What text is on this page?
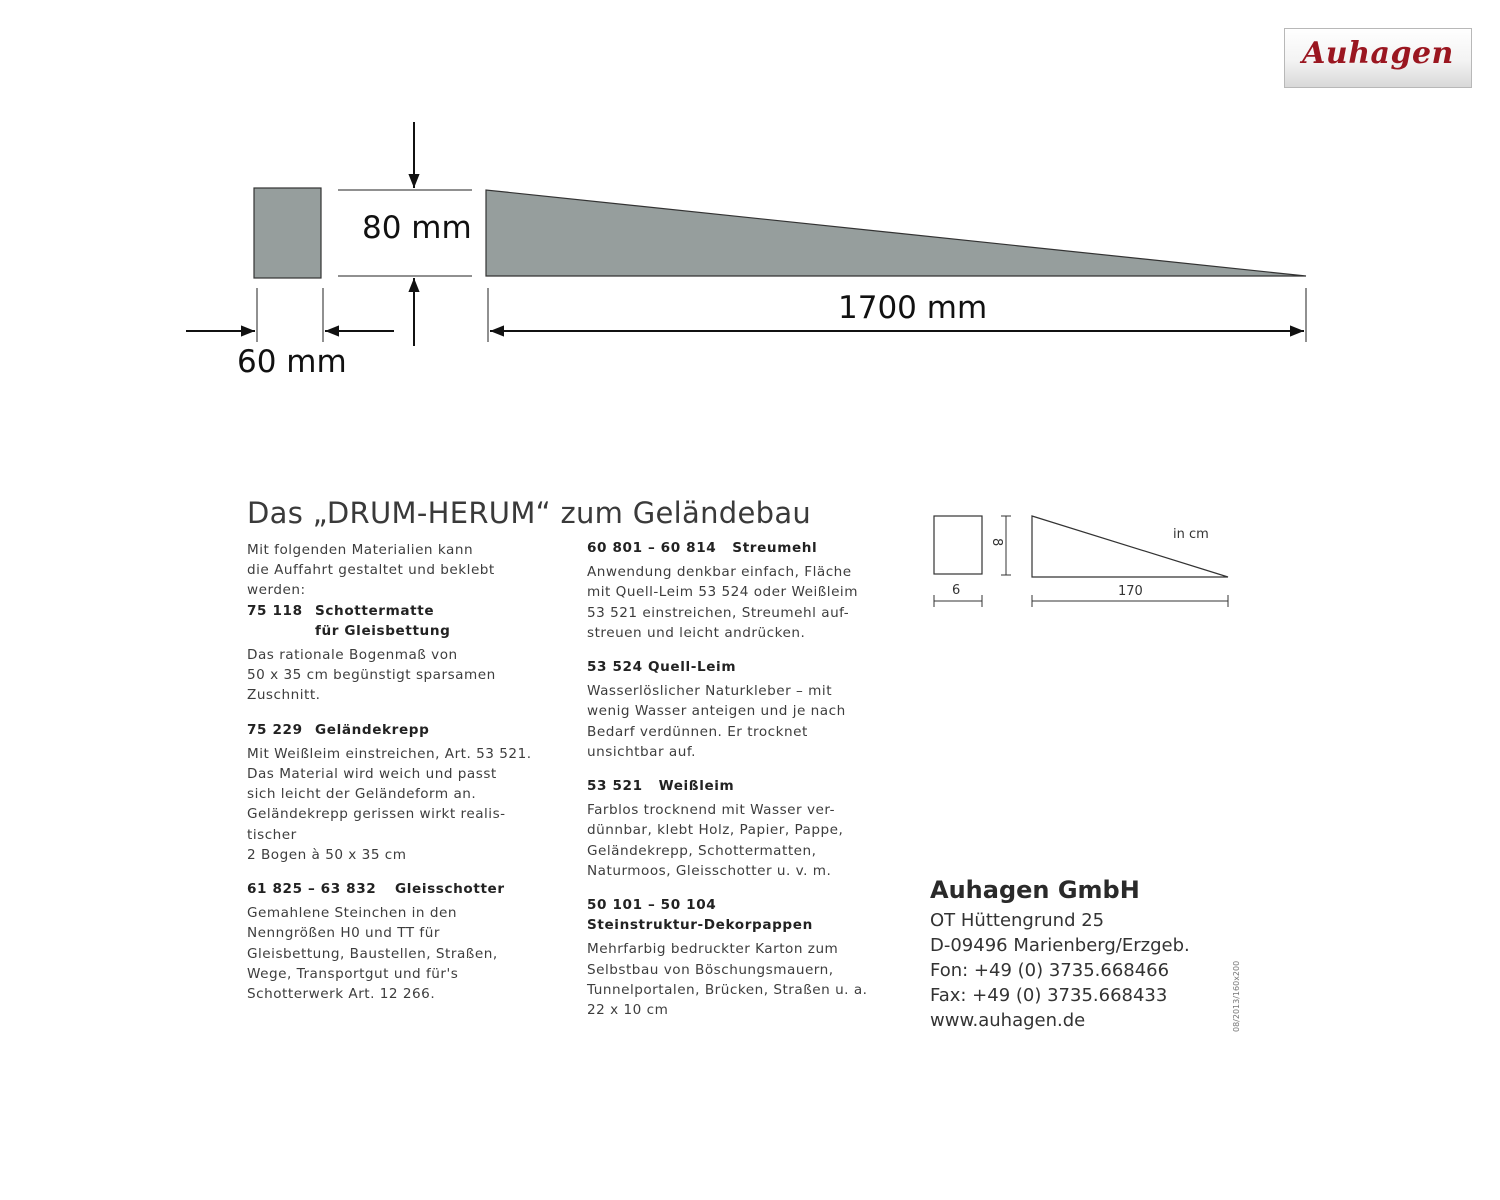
Auhagen
80 mm
1700 mm
60 mm
Das „DRUM-HERUM“ zum Geländebau

Mit folgenden Materialien kann
die Auffahrt gestaltet und beklebt
werden:

75 118 Schottermatte
für Gleisbettung

Das rationale Bogenmaß von
50 x 35 cm begünstigt sparsamen
Zuschnitt.

75 229 Geländekrepp

Mit Weißleim einstreichen, Art. 53 521.
Das Material wird weich und passt
sich leicht der Geländeform an.
Geländekrepp gerissen wirkt realis-
tischer
2 Bogen à 50 x 35 cm

61 825 – 63 832	Gleisschotter

Gemahlene Steinchen in den
Nenngrößen H0 und TT für
Gleisbettung, Baustellen, Straßen,
Wege, Transportgut und für's
Schotterwerk Art. 12 266.

60 801 – 60 814   Streumehl

Anwendung denkbar einfach, Fläche
mit Quell-Leim 53 524 oder Weißleim
53 521 einstreichen, Streumehl auf-
streuen und leicht andrücken.

53 524 Quell-Leim

Wasserlöslicher Naturkleber – mit
wenig Wasser anteigen und je nach
Bedarf verdünnen. Er trocknet
unsichtbar auf.

53 521   Weißleim

Farblos trocknend mit Wasser ver-
dünnbar, klebt Holz, Papier, Pappe,
Geländekrepp, Schottermatten,
Naturmoos, Gleisschotter u. v. m.

50 101 – 50 104
Steinstruktur-Dekorpappen

Mehrfarbig bedruckter Karton zum
Selbstbau von Böschungsmauern,
Tunnelportalen, Brücken, Straßen u. a.
22 x 10 cm

in cm
8
6	170
Auhagen GmbH
OT Hüttengrund 25
D-09496 Marienberg/Erzgeb.
Fon: +49 (0) 3735.668466
Fax: +49 (0) 3735.668433
www.auhagen.de	08/2013/160x200
